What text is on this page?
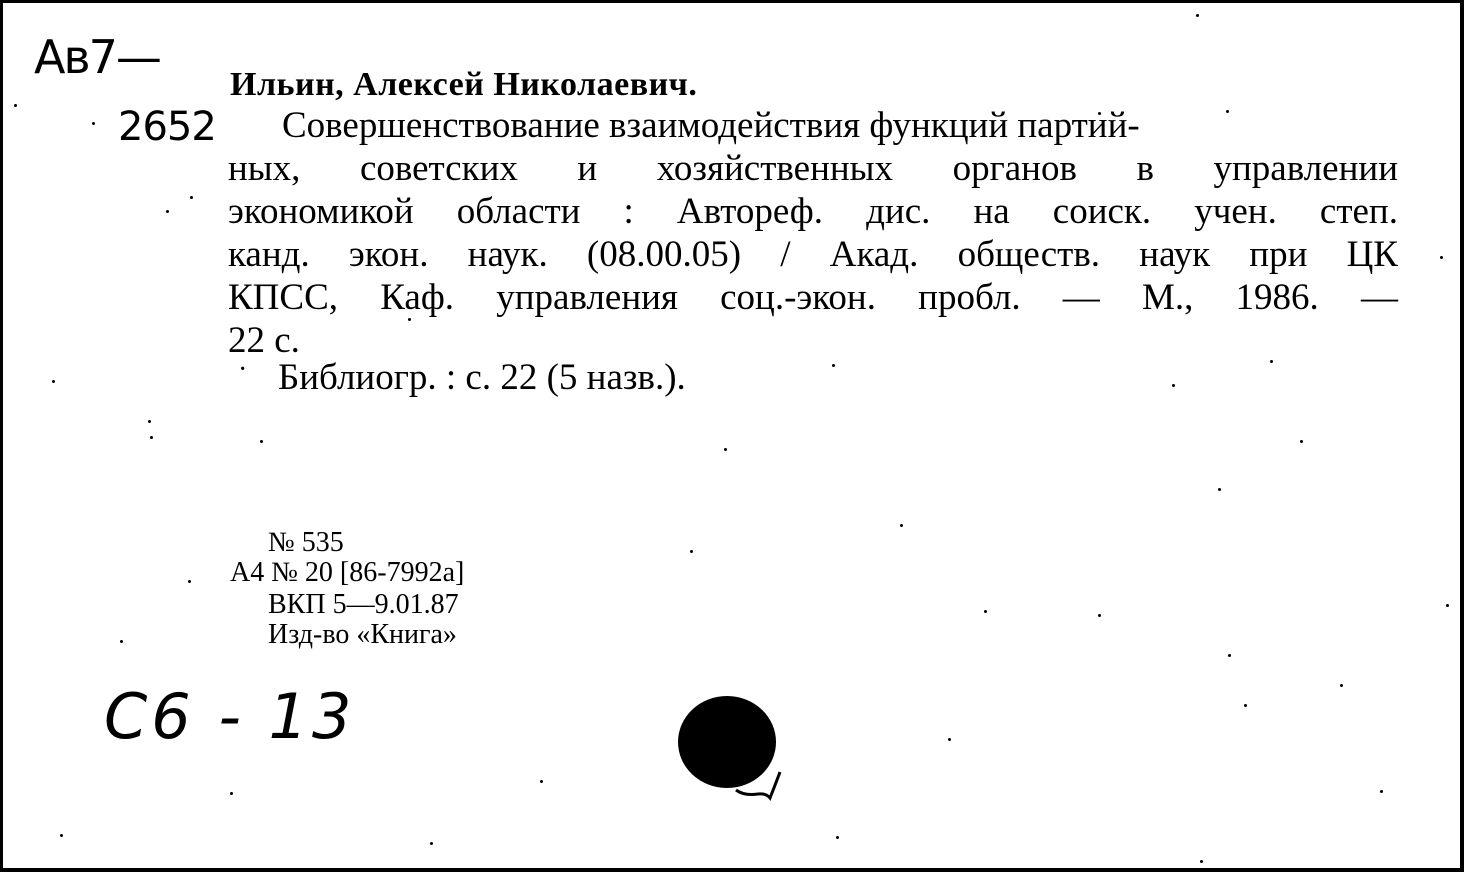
Ав7—
2652

Ильин, Алексей Николаевич.

Совершенствование взаимодействия функций партий-
ных, советских и хозяйственных органов в управлении
экономикой области : Автореф. дис. на соиск. учен. степ.
канд. экон. наук. (08.00.05) / Акад. обществ. наук при ЦК
КПСС, Каф. управления соц.-экон. пробл. — М., 1986. —
22 с.
· Библиогр. : с. 22 (5 назв.).

№ 535

А4 № 20 [86-7992а]

ВКП 5—9.01.87

Изд-во «Книга»

С6 - 13
